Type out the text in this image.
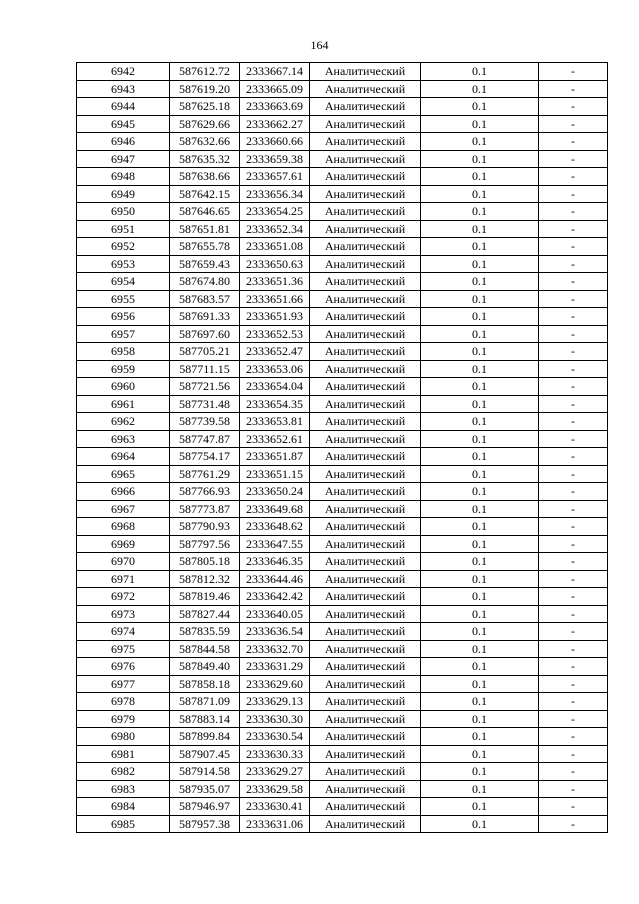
164
6942	587612.72	2333667.14	Аналитический	0.1	-
6943	587619.20	2333665.09	Аналитический	0.1	-
6944	587625.18	2333663.69	Аналитический	0.1	-
6945	587629.66	2333662.27	Аналитический	0.1	-
6946	587632.66	2333660.66	Аналитический	0.1	-
6947	587635.32	2333659.38	Аналитический	0.1	-
6948	587638.66	2333657.61	Аналитический	0.1	-
6949	587642.15	2333656.34	Аналитический	0.1	-
6950	587646.65	2333654.25	Аналитический	0.1	-
6951	587651.81	2333652.34	Аналитический	0.1	-
6952	587655.78	2333651.08	Аналитический	0.1	-
6953	587659.43	2333650.63	Аналитический	0.1	-
6954	587674.80	2333651.36	Аналитический	0.1	-
6955	587683.57	2333651.66	Аналитический	0.1	-
6956	587691.33	2333651.93	Аналитический	0.1	-
6957	587697.60	2333652.53	Аналитический	0.1	-
6958	587705.21	2333652.47	Аналитический	0.1	-
6959	587711.15	2333653.06	Аналитический	0.1	-
6960	587721.56	2333654.04	Аналитический	0.1	-
6961	587731.48	2333654.35	Аналитический	0.1	-
6962	587739.58	2333653.81	Аналитический	0.1	-
6963	587747.87	2333652.61	Аналитический	0.1	-
6964	587754.17	2333651.87	Аналитический	0.1	-
6965	587761.29	2333651.15	Аналитический	0.1	-
6966	587766.93	2333650.24	Аналитический	0.1	-
6967	587773.87	2333649.68	Аналитический	0.1	-
6968	587790.93	2333648.62	Аналитический	0.1	-
6969	587797.56	2333647.55	Аналитический	0.1	-
6970	587805.18	2333646.35	Аналитический	0.1	-
6971	587812.32	2333644.46	Аналитический	0.1	-
6972	587819.46	2333642.42	Аналитический	0.1	-
6973	587827.44	2333640.05	Аналитический	0.1	-
6974	587835.59	2333636.54	Аналитический	0.1	-
6975	587844.58	2333632.70	Аналитический	0.1	-
6976	587849.40	2333631.29	Аналитический	0.1	-
6977	587858.18	2333629.60	Аналитический	0.1	-
6978	587871.09	2333629.13	Аналитический	0.1	-
6979	587883.14	2333630.30	Аналитический	0.1	-
6980	587899.84	2333630.54	Аналитический	0.1	-
6981	587907.45	2333630.33	Аналитический	0.1	-
6982	587914.58	2333629.27	Аналитический	0.1	-
6983	587935.07	2333629.58	Аналитический	0.1	-
6984	587946.97	2333630.41	Аналитический	0.1	-
6985	587957.38	2333631.06	Аналитический	0.1	-
